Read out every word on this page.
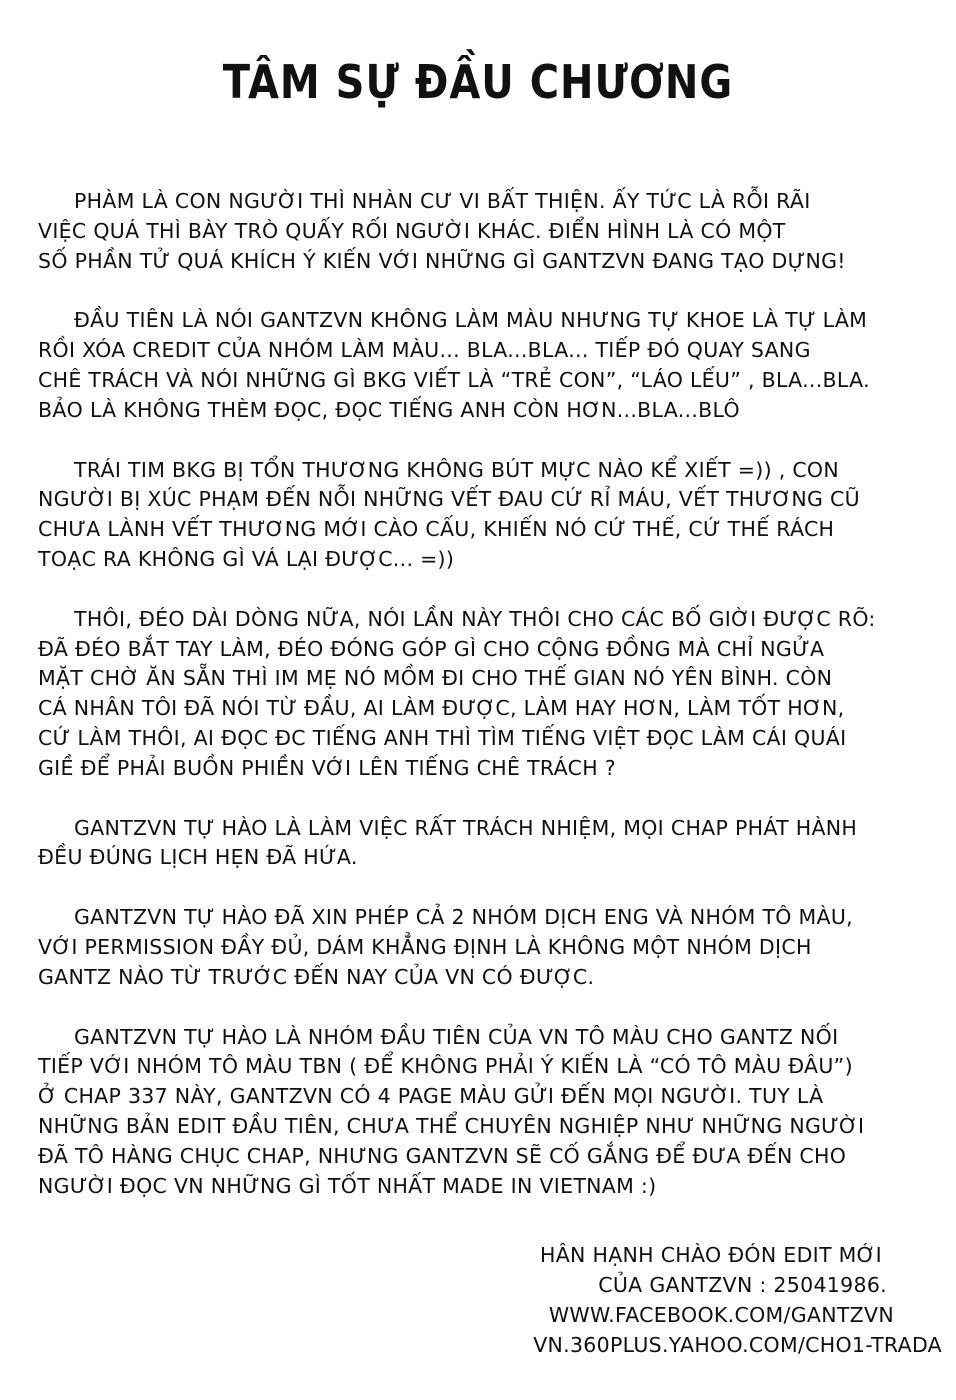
TÂM SỰ ĐẦU CHƯƠNG

PHÀM LÀ CON NGƯỜI THÌ NHÀN CƯ VI BẤT THIỆN. ẤY TỨC LÀ RỖI RÃI
VIỆC QUÁ THÌ BÀY TRÒ QUẤY RỐI NGƯỜI KHÁC. ĐIỂN HÌNH LÀ CÓ MỘT
SỐ PHẦN TỬ QUÁ KHÍCH Ý KIẾN VỚI NHỮNG GÌ GANTZVN ĐANG TẠO DỰNG!

ĐẦU TIÊN LÀ NÓI GANTZVN KHÔNG LÀM MÀU NHƯNG TỰ KHOE LÀ TỰ LÀM
RỒI XÓA CREDIT CỦA NHÓM LÀM MÀU... BLA...BLA... TIẾP ĐÓ QUAY SANG
CHÊ TRÁCH VÀ NÓI NHỮNG GÌ BKG VIẾT LÀ “TRẺ CON”, “LÁO LẾU” , BLA...BLA.
BẢO LÀ KHÔNG THÈM ĐỌC, ĐỌC TIẾNG ANH CÒN HƠN...BLA...BLÔ

TRÁI TIM BKG BỊ TỔN THƯƠNG KHÔNG BÚT MỰC NÀO KỂ XIẾT =)) , CON
NGƯỜI BỊ XÚC PHẠM ĐẾN NỖI NHỮNG VẾT ĐAU CỨ RỈ MÁU, VẾT THƯƠNG CŨ
CHƯA LÀNH VẾT THƯƠNG MỚI CÀO CẤU, KHIẾN NÓ CỨ THẾ, CỨ THẾ RÁCH
TOẠC RA KHÔNG GÌ VÁ LẠI ĐƯỢC... =))

THÔI, ĐÉO DÀI DÒNG NỮA, NÓI LẦN NÀY THÔI CHO CÁC BỐ GIỜI ĐƯỢC RÕ:
ĐÃ ĐÉO BẮT TAY LÀM, ĐÉO ĐÓNG GÓP GÌ CHO CỘNG ĐỒNG MÀ CHỈ NGỬA
MẶT CHỜ ĂN SẴN THÌ IM MẸ NÓ MỒM ĐI CHO THẾ GIAN NÓ YÊN BÌNH. CÒN
CÁ NHÂN TÔI ĐÃ NÓI TỪ ĐẦU, AI LÀM ĐƯỢC, LÀM HAY HƠN, LÀM TỐT HƠN,
CỨ LÀM THÔI, AI ĐỌC ĐC TIẾNG ANH THÌ TÌM TIẾNG VIỆT ĐỌC LÀM CÁI QUÁI
GIỀ ĐỂ PHẢI BUỒN PHIỀN VỚI LÊN TIẾNG CHÊ TRÁCH ?

GANTZVN TỰ HÀO LÀ LÀM VIỆC RẤT TRÁCH NHIỆM, MỌI CHAP PHÁT HÀNH
ĐỀU ĐÚNG LỊCH HẸN ĐÃ HỨA.

GANTZVN TỰ HÀO ĐÃ XIN PHÉP CẢ 2 NHÓM DỊCH ENG VÀ NHÓM TÔ MÀU,
VỚI PERMISSION ĐẦY ĐỦ, DÁM KHẲNG ĐỊNH LÀ KHÔNG MỘT NHÓM DỊCH
GANTZ NÀO TỪ TRƯỚC ĐẾN NAY CỦA VN CÓ ĐƯỢC.

GANTZVN TỰ HÀO LÀ NHÓM ĐẦU TIÊN CỦA VN TÔ MÀU CHO GANTZ NỐI
TIẾP VỚI NHÓM TÔ MÀU TBN ( ĐỂ KHÔNG PHẢI Ý KIẾN LÀ “CÓ TÔ MÀU ĐÂU”)
Ở CHAP 337 NÀY, GANTZVN CÓ 4 PAGE MÀU GỬI ĐẾN MỌI NGƯỜI. TUY LÀ
NHỮNG BẢN EDIT ĐẦU TIÊN, CHƯA THỂ CHUYÊN NGHIỆP NHƯ NHỮNG NGƯỜI
ĐÃ TÔ HÀNG CHỤC CHAP, NHƯNG GANTZVN SẼ CỐ GẮNG ĐỂ ĐƯA ĐẾN CHO
NGƯỜI ĐỌC VN NHỮNG GÌ TỐT NHẤT MADE IN VIETNAM :)

HÂN HẠNH CHÀO ĐÓN EDIT MỚI
CỦA GANTZVN : 25041986.
WWW.FACEBOOK.COM/GANTZVN
VN.360PLUS.YAHOO.COM/CHO1-TRADA
